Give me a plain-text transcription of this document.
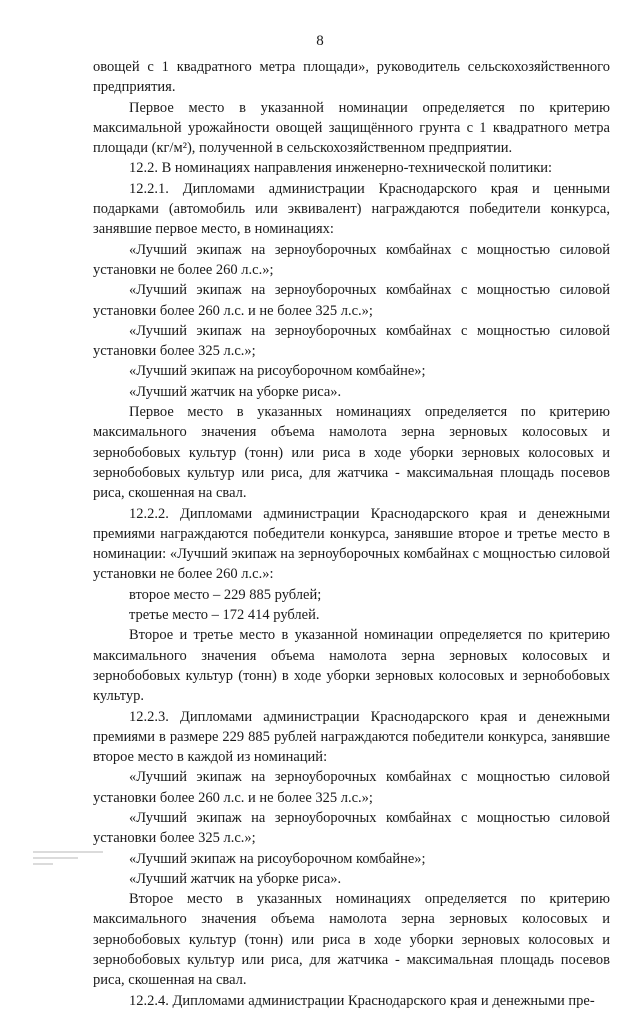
8

овощей с 1 квадратного метра площади», руководитель сельскохозяйственного предприятия.

Первое место в указанной номинации определяется по критерию максимальной урожайности овощей защищённого грунта с 1 квадратного метра площади (кг/м²), полученной в сельскохозяйственном предприятии.

12.2. В номинациях направления инженерно-технической политики:

12.2.1. Дипломами администрации Краснодарского края и ценными подарками (автомобиль или эквивалент) награждаются победители конкурса, занявшие первое место, в номинациях:

«Лучший экипаж на зерноуборочных комбайнах с мощностью силовой установки не более 260 л.с.»;

«Лучший экипаж на зерноуборочных комбайнах с мощностью силовой установки более 260 л.с. и не более 325 л.с.»;

«Лучший экипаж на зерноуборочных комбайнах с мощностью силовой установки более 325 л.с.»;

«Лучший экипаж на рисоуборочном комбайне»;

«Лучший жатчик на уборке риса».

Первое место в указанных номинациях определяется по критерию максимального значения объема намолота зерна зерновых колосовых и зернобобовых культур (тонн) или риса в ходе уборки зерновых колосовых и зернобобовых культур или риса, для жатчика - максимальная площадь посевов риса, скошенная на свал.

12.2.2. Дипломами администрации Краснодарского края и денежными премиями награждаются победители конкурса, занявшие второе и третье место в номинации: «Лучший экипаж на зерноуборочных комбайнах с мощностью силовой установки не более 260 л.с.»:

второе место – 229 885 рублей;

третье место – 172 414 рублей.

Второе и третье место в указанной номинации определяется по критерию максимального значения объема намолота зерна зерновых колосовых и зернобобовых культур (тонн) в ходе уборки зерновых колосовых и зернобобовых культур.

12.2.3. Дипломами администрации Краснодарского края и денежными премиями в размере 229 885 рублей награждаются победители конкурса, занявшие второе место в каждой из номинаций:

«Лучший экипаж на зерноуборочных комбайнах с мощностью силовой установки более 260 л.с. и не более 325 л.с.»;

«Лучший экипаж на зерноуборочных комбайнах с мощностью силовой установки более 325 л.с.»;

«Лучший экипаж на рисоуборочном комбайне»;

«Лучший жатчик на уборке риса».

Второе место в указанных номинациях определяется по критерию максимального значения объема намолота зерна зерновых колосовых и зернобобовых культур (тонн) или риса в ходе уборки зерновых колосовых и зернобобовых культур или риса, для жатчика - максимальная площадь посевов риса, скошенная на свал.

12.2.4. Дипломами администрации Краснодарского края и денежными пре-
